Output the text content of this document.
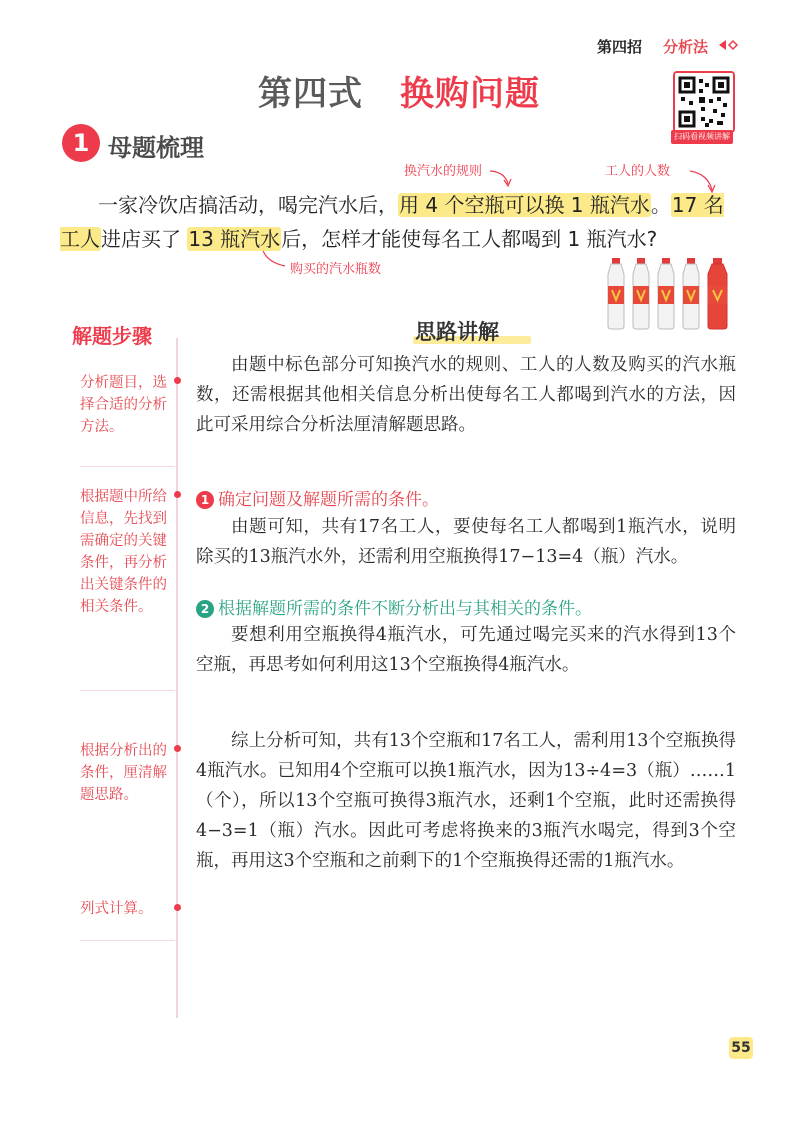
第四招 分析法
第四式 换购问题
扫码看视频讲解
1 母题梳理
换汽水的规则	工人的人数
一家冷饮店搞活动，喝完汽水后，用 4 个空瓶可以换 1 瓶汽水。17 名工人进店买了 13 瓶汽水后，怎样才能使每名工人都喝到 1 瓶汽水?
购买的汽水瓶数
解题步骤
分析题目，选择合适的分析方法。
根据题中所给信息，先找到需确定的关键条件，再分析出关键条件的相关条件。
根据分析出的条件，厘清解题思路。
列式计算。
思路讲解
由题中标色部分可知换汽水的规则、工人的人数及购买的汽水瓶数，还需根据其他相关信息分析出使每名工人都喝到汽水的方法，因此可采用综合分析法厘清解题思路。
1 确定问题及解题所需的条件。
由题可知，共有17名工人，要使每名工人都喝到1瓶汽水，说明除买的13瓶汽水外，还需利用空瓶换得17−13=4（瓶）汽水。
2 根据解题所需的条件不断分析出与其相关的条件。
要想利用空瓶换得4瓶汽水，可先通过喝完买来的汽水得到13个空瓶，再思考如何利用这13个空瓶换得4瓶汽水。
综上分析可知，共有13个空瓶和17名工人，需利用13个空瓶换得4瓶汽水。已知用4个空瓶可以换1瓶汽水，因为13÷4=3（瓶）……1（个），所以13个空瓶可换得3瓶汽水，还剩1个空瓶，此时还需换得4−3=1（瓶）汽水。因此可考虑将换来的3瓶汽水喝完，得到3个空瓶，再用这3个空瓶和之前剩下的1个空瓶换得还需的1瓶汽水。
55
